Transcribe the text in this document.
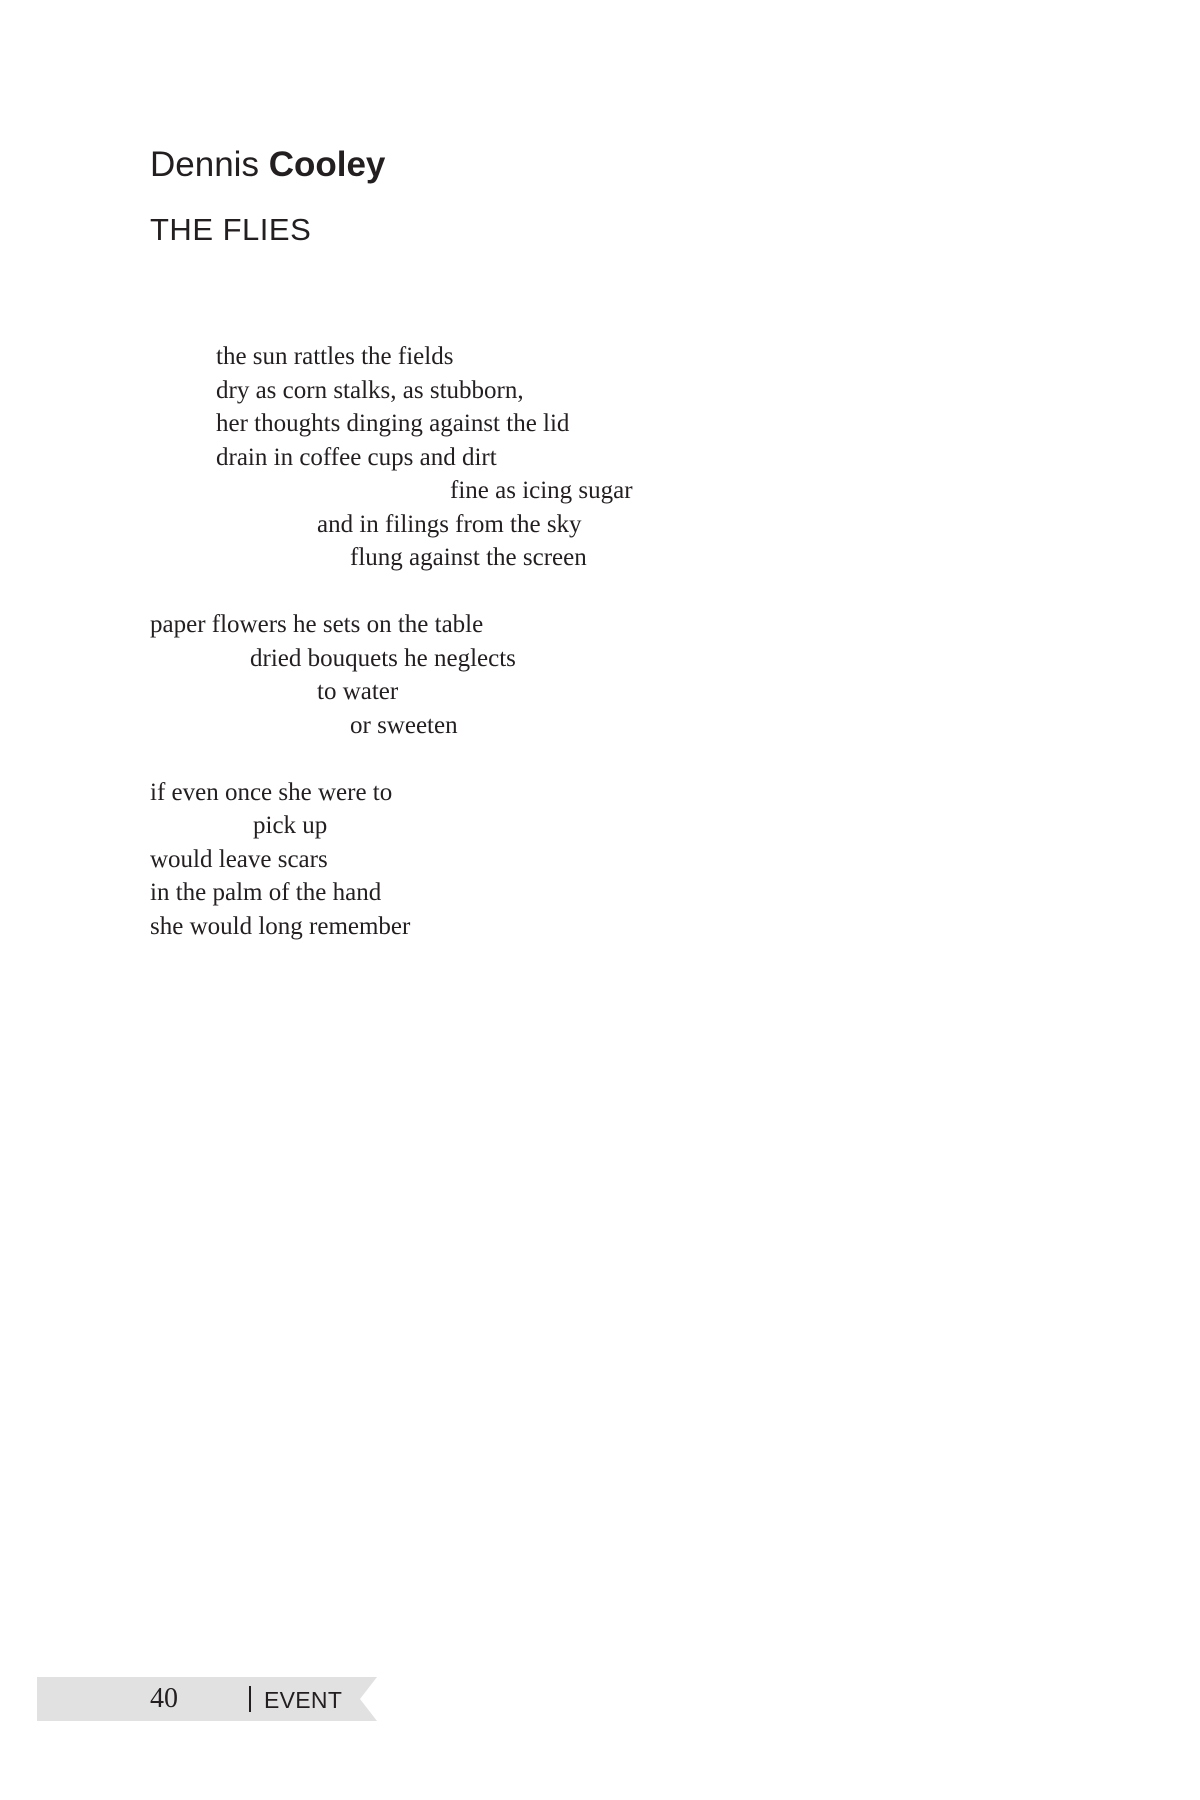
Dennis Cooley
THE FLIES
the sun rattles the fields
dry as corn stalks, as stubborn,
her thoughts dinging against the lid
drain in coffee cups and dirt
fine as icing sugar
and in filings from the sky
flung against the screen
paper flowers he sets on the table
dried bouquets he neglects
to water
or sweeten
if even once she were to
pick up
would leave scars
in the palm of the hand
she would long remember
40	EVENT
